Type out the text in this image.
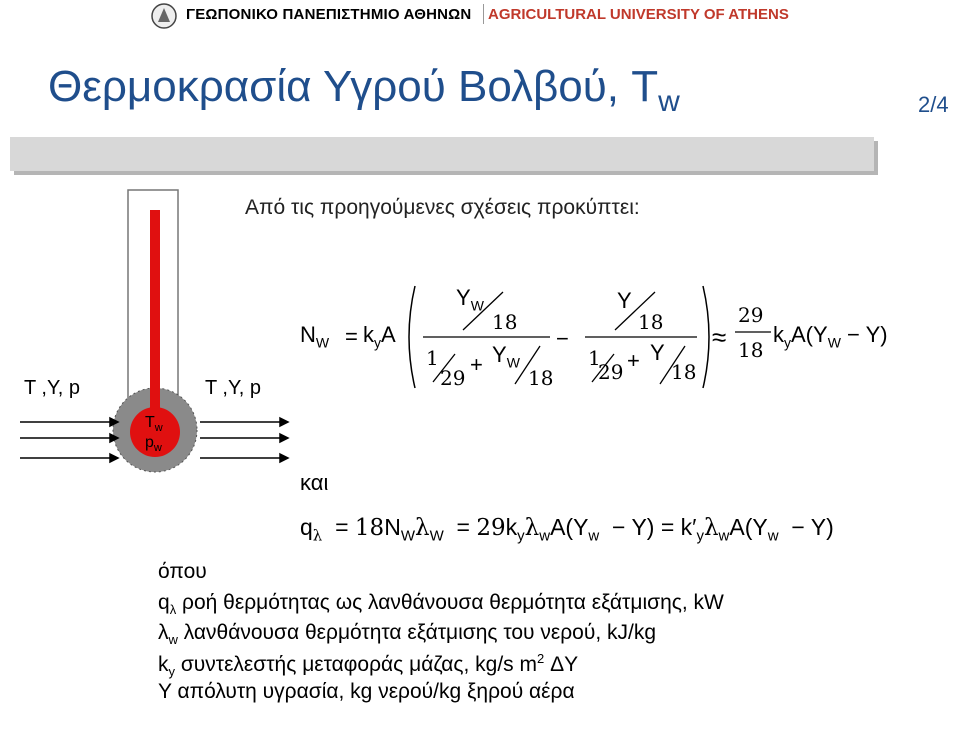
ΓΕΩΠΟΝΙΚΟ ΠΑΝΕΠΙΣΤΗΜΙΟ ΑΘΗΝΩΝ AGRICULTURAL UNIVERSITY OF ATHENS
Θερμοκρασία Υγρού Βολβού, $T_w$	2/4
Από τις προηγούμενες σχέσεις προκύπτει:
T ,Y, p	T ,Y, p
$T_w$
$p_w$
$N_W = k_yA$
$Y_W$
18
1
29
+ $Y_W$
18
−
Y
18
1
29 + Y
18
≈
29
18
$k_yA(Y_W - Y)$
και
$q_\lambda = 18N_W\lambda_W = 29k_y\lambda_wA(Y_w - Y) = k'_y\lambda_wA(Y_w - Y)$
όπου
$q_\lambda$ ροή θερμότητας ως λανθάνουσα θερμότητα εξάτμισης, kW
$\lambda_w$ λανθάνουσα θερμότητα εξάτμισης του νερού, kJ/kg
$k_y$ συντελεστής μεταφοράς μάζας, kg/s $m^2$ ΔY
Y απόλυτη υγρασία, kg νερού/kg ξηρού αέρα
